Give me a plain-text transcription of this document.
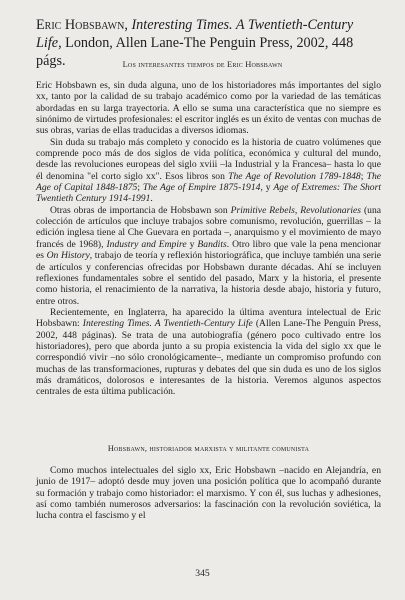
Eric Hobsbawn, Interesting Times. A Twentieth-Century Life, London, Allen Lane-The Penguin Press, 2002, 448 págs.	Los interesantes tiempos de Eric Hobsbawn

Eric Hobsbawn es, sin duda alguna, uno de los historiadores más importantes del siglo xx, tanto por la calidad de su trabajo académico como por la variedad de las temáticas abordadas en su larga trayectoria. A ello se suma una característica que no siempre es sinónimo de virtudes profesionales: el escritor inglés es un éxito de ventas con muchas de sus obras, varias de ellas traducidas a diversos idiomas.

Sin duda su trabajo más completo y conocido es la historia de cuatro volúmenes que comprende poco más de dos siglos de vida política, económica y cultural del mundo, desde las revoluciones europeas del siglo xviii –la Industrial y la Francesa– hasta lo que él denomina "el corto siglo xx". Esos libros son The Age of Revolution 1789-1848; The Age of Capital 1848-1875; The Age of Empire 1875-1914, y Age of Extremes: The Short Twentieth Century 1914-1991.

Otras obras de importancia de Hobsbawn son Primitive Rebels, Revolutionaries (una colección de artículos que incluye trabajos sobre comunismo, revolución, guerrillas – la edición inglesa tiene al Che Guevara en portada –, anarquismo y el movimiento de mayo francés de 1968), Industry and Empire y Bandits. Otro libro que vale la pena mencionar es On History, trabajo de teoría y reflexión historiográfica, que incluye también una serie de artículos y conferencias ofrecidas por Hobsbawn durante décadas. Ahí se incluyen reflexiones fundamentales sobre el sentido del pasado, Marx y la historia, el presente como historia, el renacimiento de la narrativa, la historia desde abajo, historia y futuro, entre otros.

Recientemente, en Inglaterra, ha aparecido la última aventura intelectual de Eric Hobsbawn: Interesting Times. A Twentieth-Century Life (Allen Lane-The Penguin Press, 2002, 448 páginas). Se trata de una autobiografía (género poco cultivado entre los historiadores), pero que aborda junto a su propia existencia la vida del siglo xx que le correspondió vivir –no sólo cronológicamente–, mediante un compromiso profundo con muchas de las transformaciones, rupturas y debates del que sin duda es uno de los siglos más dramáticos, dolorosos e interesantes de la historia. Veremos algunos aspectos centrales de esta última publicación.

Hobsbawn, historiador marxista y militante comunista

Como muchos intelectuales del siglo xx, Eric Hobsbawn –nacido en Alejandría, en junio de 1917– adoptó desde muy joven una posición política que lo acompañó durante su formación y trabajo como historiador: el marxismo. Y con él, sus luchas y adhesiones, así como también numerosos adversarios: la fascinación con la revolución soviética, la lucha contra el fascismo y el

345
